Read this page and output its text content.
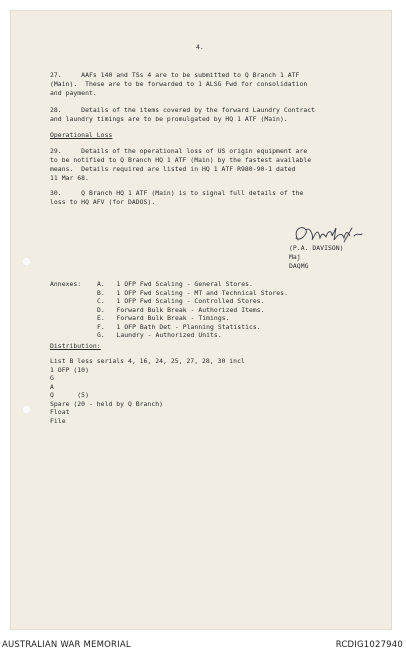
4.
27.     AAFs 140 and TSs 4 are to be submitted to Q Branch 1 ATF
(Main).  These are to be forwarded to 1 ALSG Fwd for consolidation
and payment.
28.     Details of the items covered by the forward Laundry Contract
and laundry timings are to be promulgated by HQ 1 ATF (Main).
Operational Loss
29.     Details of the operational loss of US origin equipment are
to be notified to Q Branch HQ 1 ATF (Main) by the fastest available
means.  Details required are listed in HQ 1 ATF R980-90-1 dated
11 Mar 68.
30.     Q Branch HQ 1 ATF (Main) is to signal full details of the
loss to HQ AFV (for DADOS).
(P.A. DAVISON)
Maj
DAQMG
Annexes: A.   1 OFP Fwd Scaling - General Stores.
B.   1 OFP Fwd Scaling - MT and Technical Stores.
C.   1 OFP Fwd Scaling - Controlled Stores.
D.   Forward Bulk Break - Authorized Items.
E.   Forward Bulk Break - Timings.
F.   1 OFP Bath Det - Planning Statistics.
G.   Laundry - Authorized Units.
Distribution:
List B less serials 4, 16, 24, 25, 27, 28, 30 incl
1 OFP (10)
G
A
Q      (5)
Spare (20 - held by Q Branch)
Float
File
AUSTRALIAN WAR MEMORIAL	RCDIG1027940
